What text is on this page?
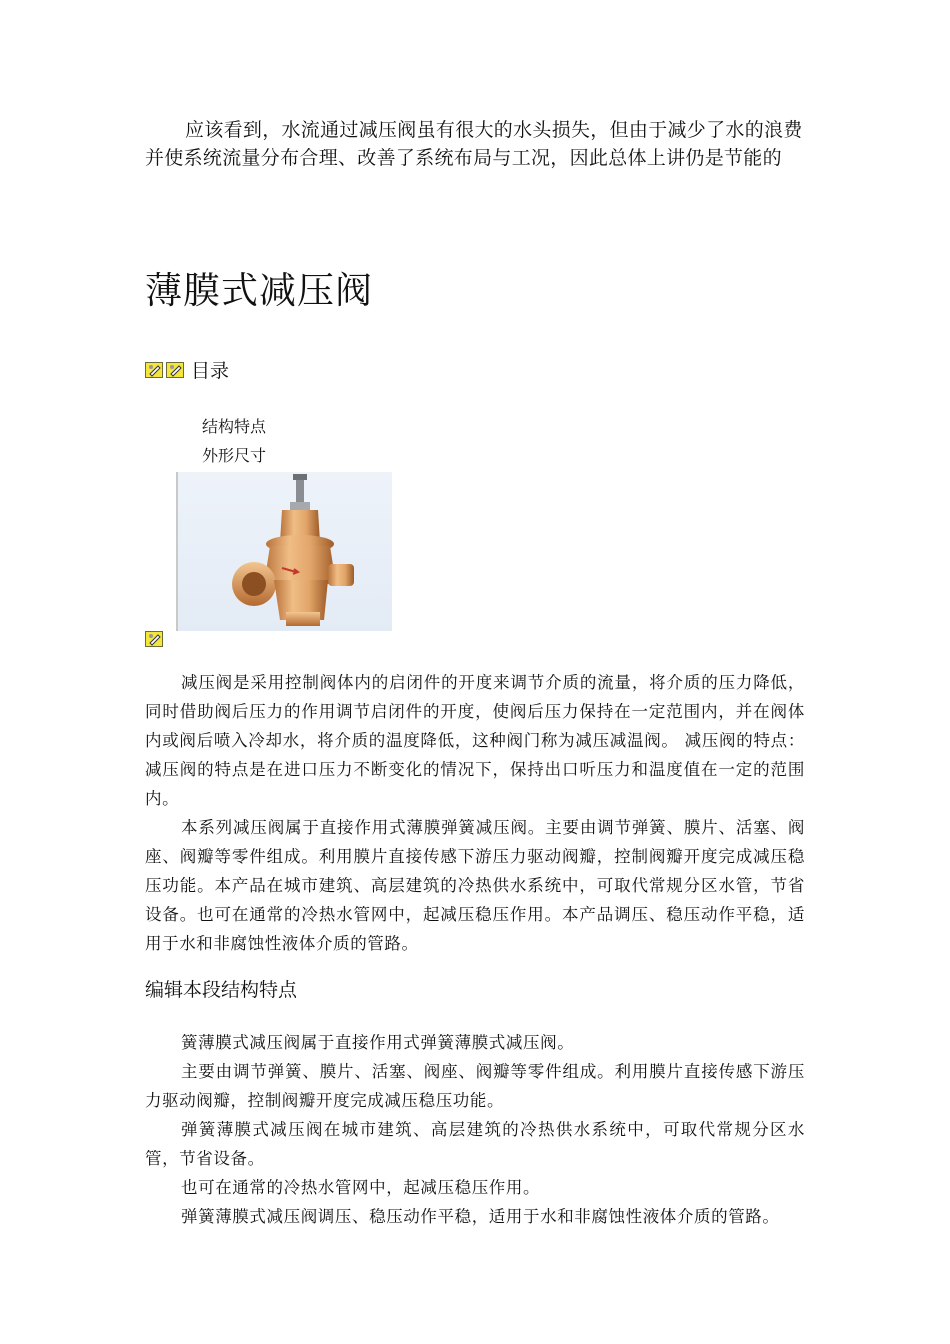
应该看到，水流通过减压阀虽有很大的水头损失，但由于减少了水的浪费并使系统流量分布合理、改善了系统布局与工况，因此总体上讲仍是节能的

薄膜式减压阀
目录
结构特点
外形尺寸

减压阀是采用控制阀体内的启闭件的开度来调节介质的流量，将介质的压力降低，同时借助阀后压力的作用调节启闭件的开度，使阀后压力保持在一定范围内，并在阀体内或阀后喷入冷却水，将介质的温度降低，这种阀门称为减压减温阀。 减压阀的特点： 减压阀的特点是在进口压力不断变化的情况下，保持出口听压力和温度值在一定的范围内。

本系列减压阀属于直接作用式薄膜弹簧减压阀。主要由调节弹簧、膜片、活塞、阀座、阀瓣等零件组成。利用膜片直接传感下游压力驱动阀瓣，控制阀瓣开度完成减压稳压功能。本产品在城市建筑、高层建筑的冷热供水系统中，可取代常规分区水管，节省设备。也可在通常的冷热水管网中，起减压稳压作用。本产品调压、稳压动作平稳，适用于水和非腐蚀性液体介质的管路。

编辑本段结构特点

簧薄膜式减压阀属于直接作用式弹簧薄膜式减压阀。

主要由调节弹簧、膜片、活塞、阀座、阀瓣等零件组成。利用膜片直接传感下游压力驱动阀瓣，控制阀瓣开度完成减压稳压功能。

弹簧薄膜式减压阀在城市建筑、高层建筑的冷热供水系统中，可取代常规分区水管，节省设备。

也可在通常的冷热水管网中，起减压稳压作用。

弹簧薄膜式减压阀调压、稳压动作平稳，适用于水和非腐蚀性液体介质的管路。
